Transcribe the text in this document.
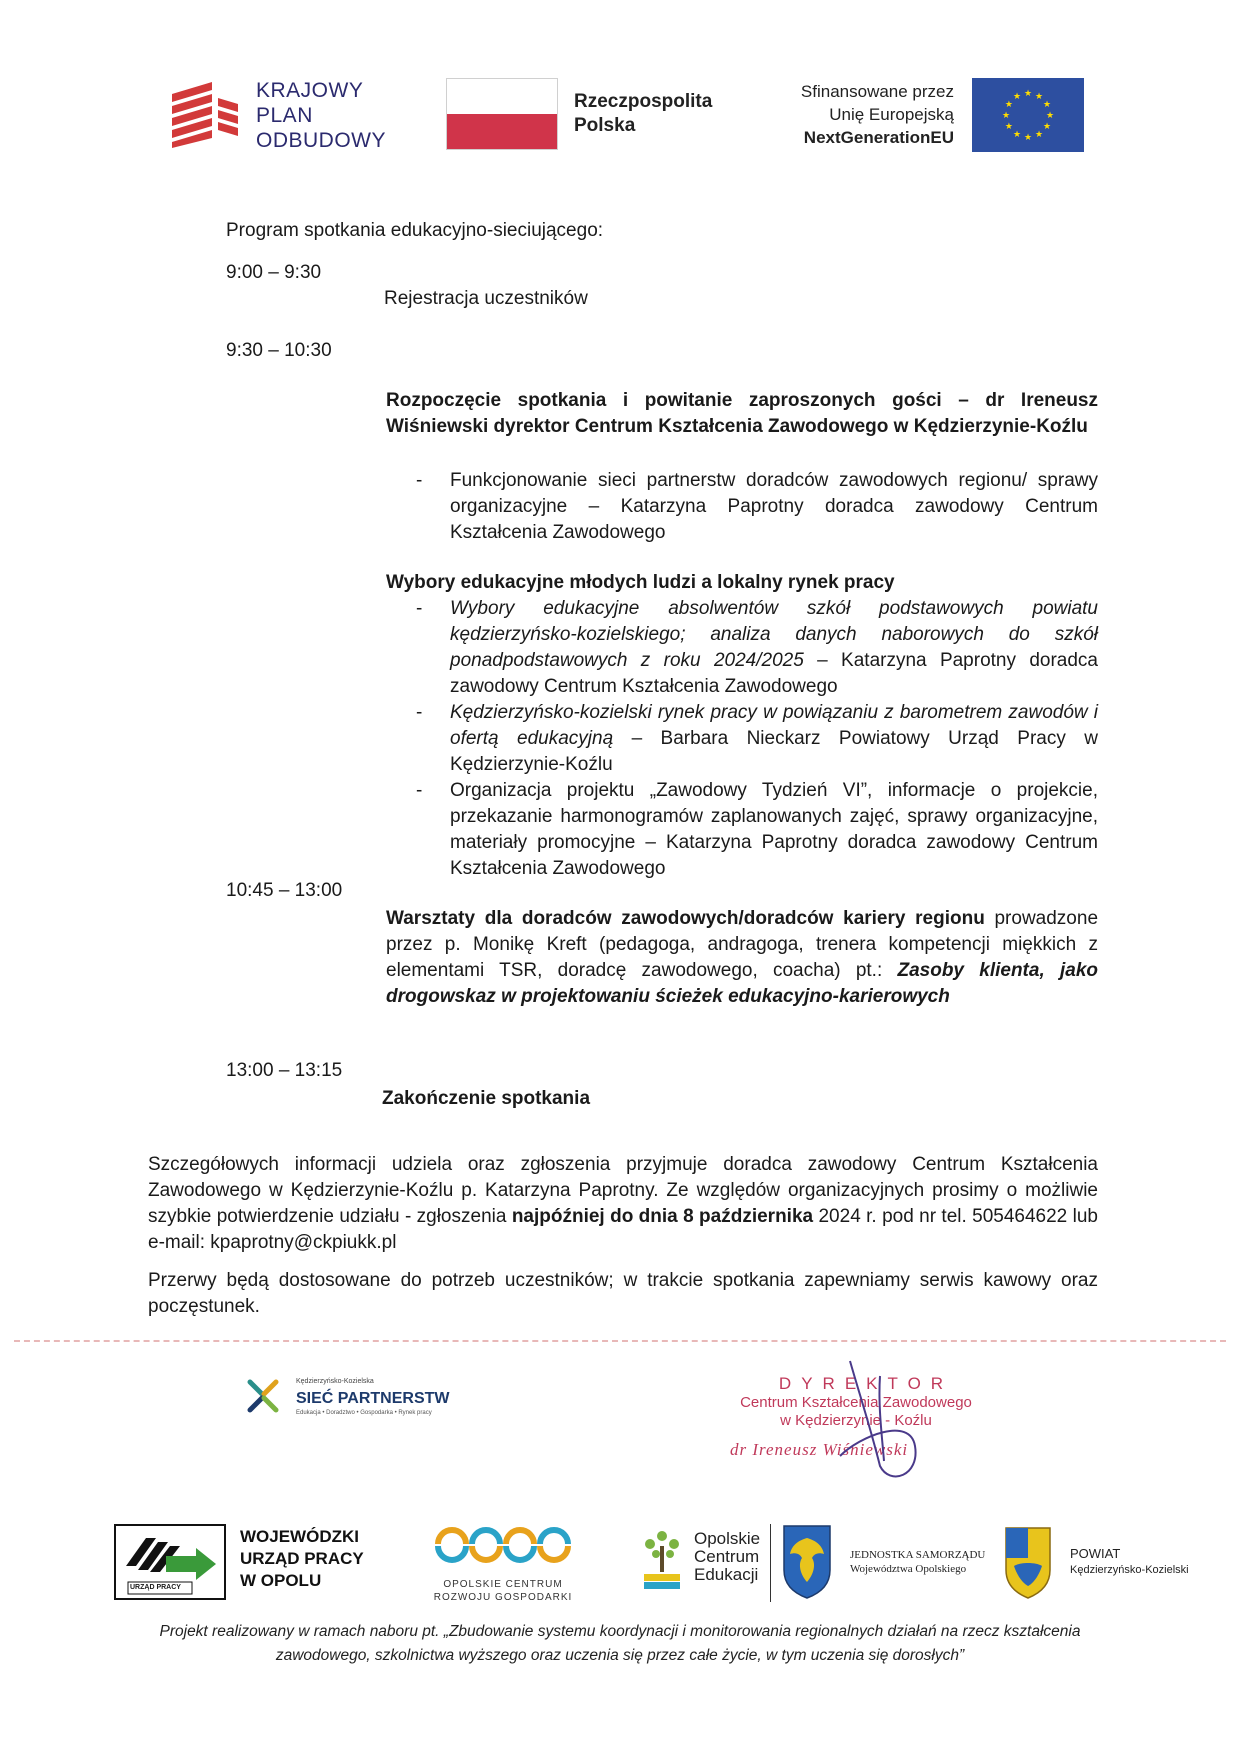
KRAJOWY
PLAN
ODBUDOWY
Rzeczpospolita
Polska
Sfinansowane przez
Unię Europejską
NextGenerationEU
★ ★
★
★
★
★
★
★
★
★
★
★
Program spotkania edukacyjno-sieciującego:
9:00 – 9:30
Rejestracja uczestników
9:30 – 10:30
Rozpoczęcie spotkania i powitanie zaproszonych gości – dr Ireneusz Wiśniewski dyrektor Centrum Kształcenia Zawodowego w Kędzierzynie-Koźlu
- Funkcjonowanie sieci partnerstw doradców zawodowych regionu/ sprawy organizacyjne – Katarzyna Paprotny doradca zawodowy Centrum Kształcenia Zawodowego
Wybory edukacyjne młodych ludzi a lokalny rynek pracy
- Wybory edukacyjne absolwentów szkół podstawowych powiatu kędzierzyńsko-kozielskiego; analiza danych naborowych do szkół ponadpodstawowych z roku 2024/2025 – Katarzyna Paprotny doradca zawodowy Centrum Kształcenia Zawodowego
- Kędzierzyńsko-kozielski rynek pracy w powiązaniu z barometrem zawodów i ofertą edukacyjną – Barbara Nieckarz Powiatowy Urząd Pracy w Kędzierzynie-Koźlu
- Organizacja projektu „Zawodowy Tydzień VI”, informacje o projekcie, przekazanie harmonogramów zaplanowanych zajęć, sprawy organizacyjne, materiały promocyjne – Katarzyna Paprotny doradca zawodowy Centrum Kształcenia Zawodowego
10:45 – 13:00
Warsztaty dla doradców zawodowych/doradców kariery regionu prowadzone przez p. Monikę Kreft (pedagoga, andragoga, trenera kompetencji miękkich z elementami TSR, doradcę zawodowego, coacha) pt.: Zasoby klienta, jako drogowskaz w projektowaniu ścieżek edukacyjno-karierowych
13:00 – 13:15
Zakończenie spotkania
Szczegółowych informacji udziela oraz zgłoszenia przyjmuje doradca zawodowy Centrum Kształcenia Zawodowego w Kędzierzynie-Koźlu p. Katarzyna Paprotny. Ze względów organizacyjnych prosimy o możliwie szybkie potwierdzenie udziału - zgłoszenia najpóźniej do dnia 8 października 2024 r. pod nr tel. 505464622 lub e-mail: kpaprotny@ckpiukk.pl
Przerwy będą dostosowane do potrzeb uczestników; w trakcie spotkania zapewniamy serwis kawowy oraz poczęstunek.
Kędzierzyńsko-Kozielska
SIEĆ PARTNERSTW
Edukacja • Doradztwo • Gospodarka • Rynek pracy
DYREKTOR
Centrum Kształcenia Zawodowego
w Kędzierzynie - Koźlu
dr Ireneusz Wiśniewski
URZĄD PRACY
WOJEWÓDZKI
URZĄD PRACY
W OPOLU	OPOLSKIE CENTRUM
ROZWOJU GOSPODARKI
Opolskie
Centrum
Edukacji
JEDNOSTKA SAMORZĄDU
Województwa Opolskiego
POWIAT
Kędzierzyńsko-Kozielski
Projekt realizowany w ramach naboru pt. „Zbudowanie systemu koordynacji i monitorowania regionalnych działań na rzecz kształcenia zawodowego, szkolnictwa wyższego oraz uczenia się przez całe życie, w tym uczenia się dorosłych”
